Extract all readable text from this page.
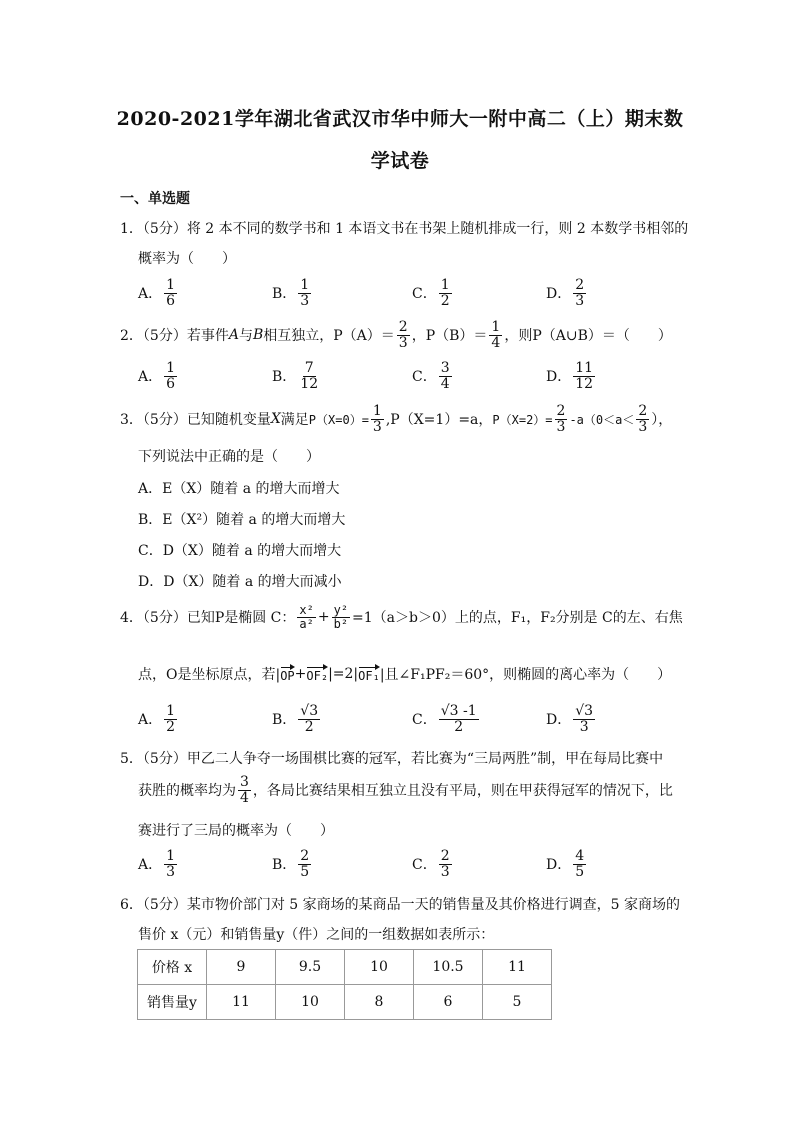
2020-2021学年湖北省武汉市华中师大一附中高二（上）期末数
学试卷
一、单选题
1．（5分）将 2 本不同的数学书和 1 本语文书在书架上随机排成一行，则 2 本数学书相邻的
概率为（　　）
A． $\frac{1}{6}$	B． $\frac{1}{3}$	C． $\frac{1}{2}$	D． $\frac{2}{3}$
2．（5分）若事件 A 与 B 相互独立，$P(A)= \frac{2}{3}$ ，$P(B)= \frac{1}{4}$ ，则P（A∪B）＝（　　）
A． $\frac{1}{6}$	B． $\frac{7}{12}$	C． $\frac{3}{4}$	D． $\frac{11}{12}$
3．（5分）已知随机变量 X 满足 $P(X=0)= \frac{1}{3} ,P(X=1)=a$， $P(X=2)= \frac{2}{3} -a(0<a< \frac{2}{3}$ ），
下列说法中正确的是（　　）
A．E（X）随着 a 的增大而增大
B．E（X²）随着 a 的增大而增大
C．D（X）随着 a 的增大而增大
D．D（X）随着 a 的增大而减小
4．（5分）已知P是椭圆 C： $\frac{\text{x²}}{\text{a²}} + \frac{\text{y²}}{\text{b²}} =1(a>b>0)$上的点，F₁，F₂分别是 C的左、右焦
点，O是坐标原点，若| OP + OF₂ |=2| OF₁ |且∠F₁PF₂＝60°，则椭圆的离心率为（　　）
A． $\frac{1}{2}$	B． $\frac{√3}{2}$	C． $\frac{√3 -1}{2}$	D． $\frac{√3}{3}$
5．（5分）甲乙二人争夺一场围棋比赛的冠军，若比赛为“三局两胜”制，甲在每局比赛中
获胜的概率均为 $\frac{3}{4}$ ，各局比赛结果相互独立且没有平局，则在甲获得冠军的情况下，比
赛进行了三局的概率为（　　）
A． $\frac{1}{3}$	B． $\frac{2}{5}$	C． $\frac{2}{3}$	D． $\frac{4}{5}$
6．（5分）某市物价部门对 5 家商场的某商品一天的销售量及其价格进行调查，5 家商场的
售价 x（元）和销售量y（件）之间的一组数据如表所示：
价格 x	9	9.5	10	10.5	11
销售量y	11	10	8	6	5
